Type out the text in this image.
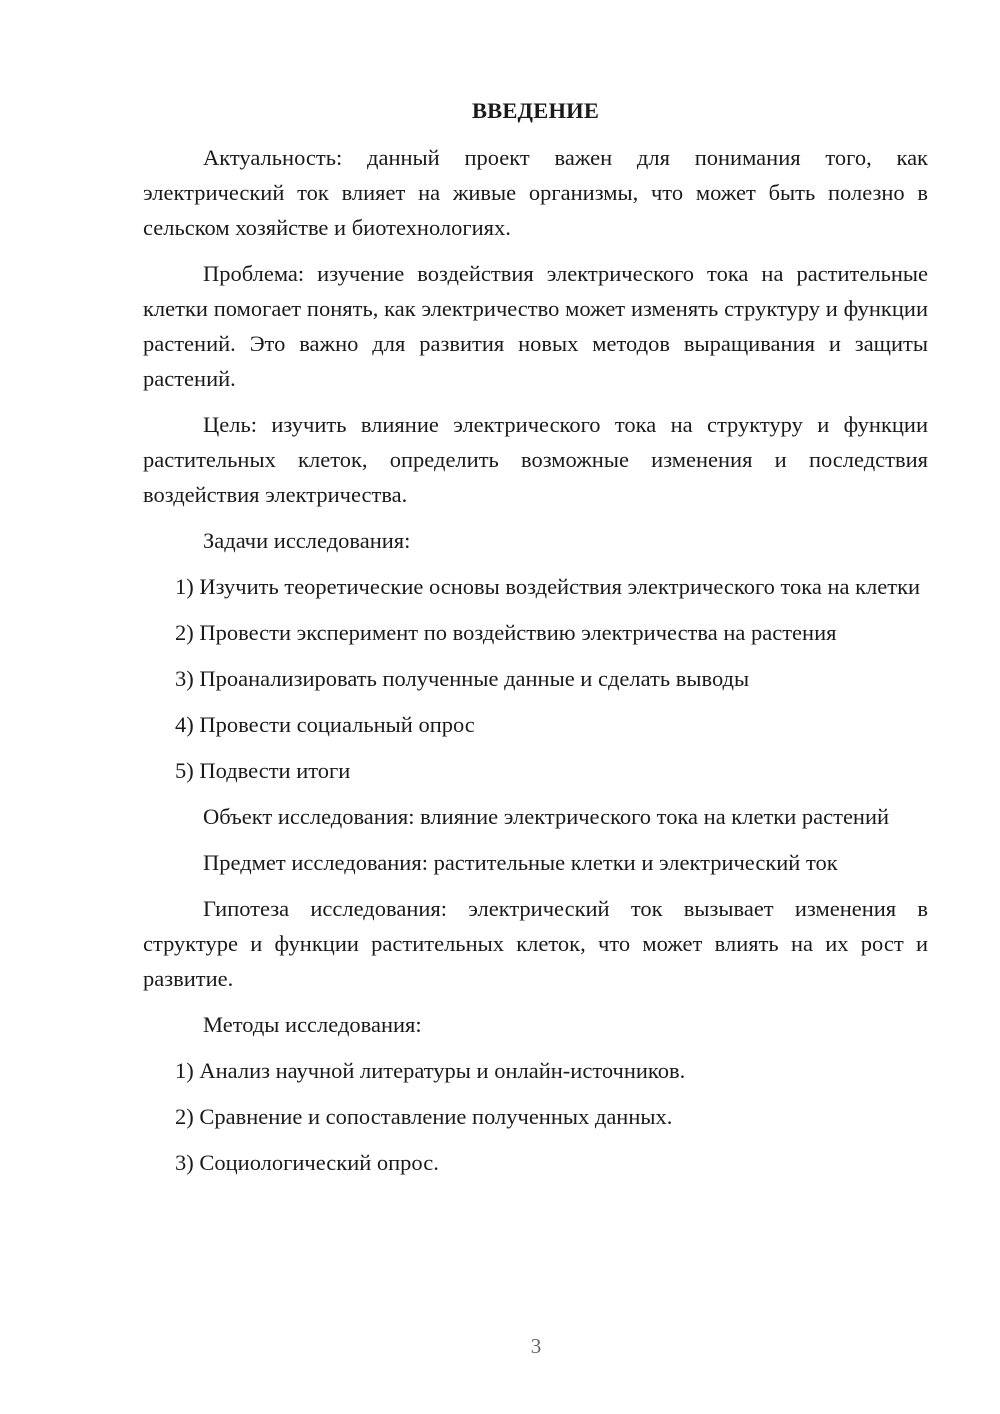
ВВЕДЕНИЕ

Актуальность: данный проект важен для понимания того, как электрический ток влияет на живые организмы, что может быть полезно в сельском хозяйстве и биотехнологиях.

Проблема: изучение воздействия электрического тока на растительные клетки помогает понять, как электричество может изменять структуру и функции растений. Это важно для развития новых методов выращивания и защиты растений.

Цель: изучить влияние электрического тока на структуру и функции растительных клеток, определить возможные изменения и последствия воздействия электричества.

Задачи исследования:

1) Изучить теоретические основы воздействия электрического тока на клетки

2) Провести эксперимент по воздействию электричества на растения

3) Проанализировать полученные данные и сделать выводы

4) Провести социальный опрос

5) Подвести итоги

Объект исследования: влияние электрического тока на клетки растений

Предмет исследования: растительные клетки и электрический ток

Гипотеза исследования: электрический ток вызывает изменения в структуре и функции растительных клеток, что может влиять на их рост и развитие.

Методы исследования:

1) Анализ научной литературы и онлайн-источников.

2) Сравнение и сопоставление полученных данных.

3) Социологический опрос.

3
